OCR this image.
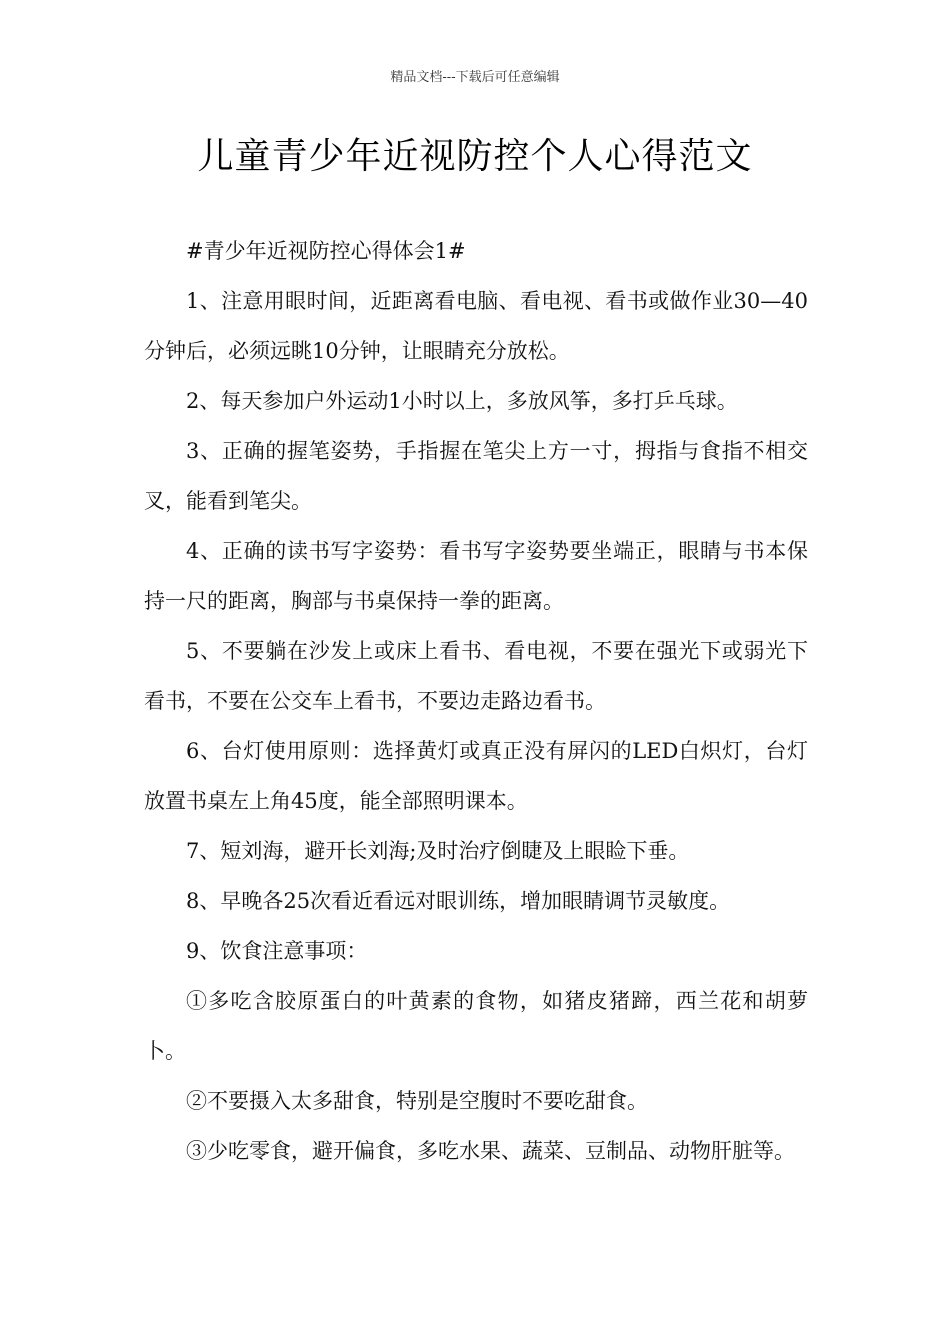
精品文档---下载后可任意编辑
儿童青少年近视防控个人心得范文

#青少年近视防控心得体会1#

1、注意用眼时间，近距离看电脑、看电视、看书或做作业30—40分钟后，必须远眺10分钟，让眼睛充分放松。

2、每天参加户外运动1小时以上，多放风筝，多打乒乓球。

3、正确的握笔姿势，手指握在笔尖上方一寸，拇指与食指不相交叉，能看到笔尖。

4、正确的读书写字姿势：看书写字姿势要坐端正，眼睛与书本保持一尺的距离，胸部与书桌保持一拳的距离。

5、不要躺在沙发上或床上看书、看电视，不要在强光下或弱光下看书，不要在公交车上看书，不要边走路边看书。

6、台灯使用原则：选择黄灯或真正没有屏闪的LED白炽灯，台灯放置书桌左上角45度，能全部照明课本。

7、短刘海，避开长刘海;及时治疗倒睫及上眼睑下垂。

8、早晚各25次看近看远对眼训练，增加眼睛调节灵敏度。

9、饮食注意事项：

①多吃含胶原蛋白的叶黄素的食物，如猪皮猪蹄，西兰花和胡萝卜。

②不要摄入太多甜食，特别是空腹时不要吃甜食。

③少吃零食，避开偏食，多吃水果、蔬菜、豆制品、动物肝脏等。
